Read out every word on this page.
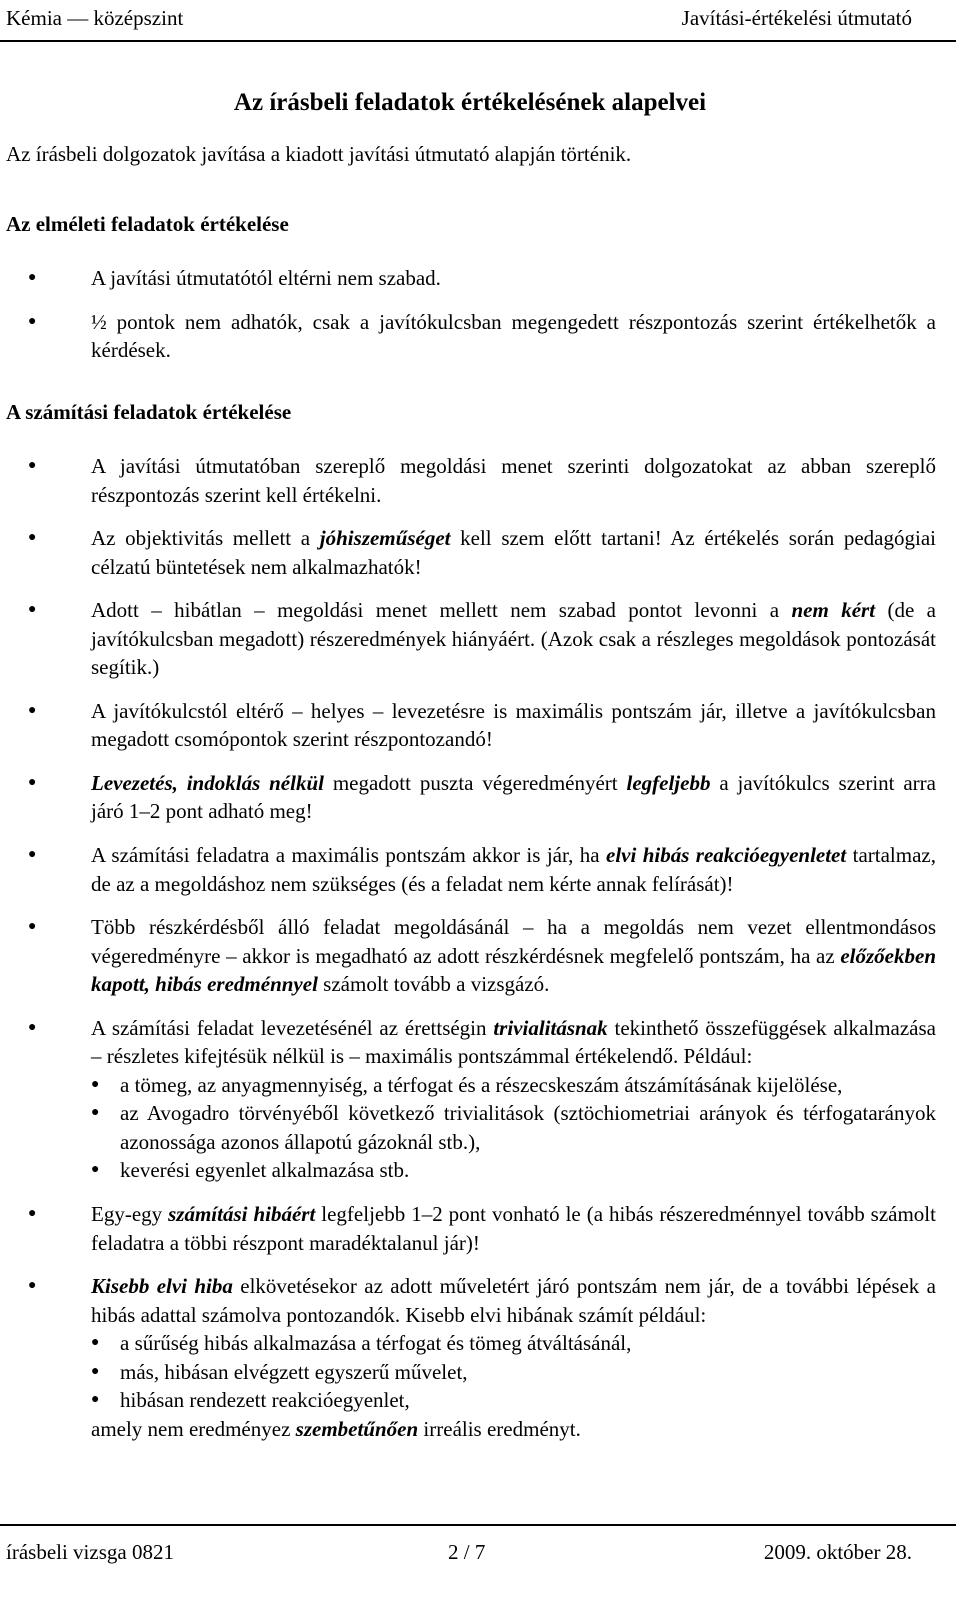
Kémia — középszint	Javítási-értékelési útmutató
Az írásbeli feladatok értékelésének alapelvei
Az írásbeli dolgozatok javítása a kiadott javítási útmutató alapján történik.
Az elméleti feladatok értékelése
● A javítási útmutatótól eltérni nem szabad.
● ½ pontok nem adhatók, csak a javítókulcsban megengedett részpontozás szerint értékelhetők a kérdések.
A számítási feladatok értékelése
● A javítási útmutatóban szereplő megoldási menet szerinti dolgozatokat az abban szereplő részpontozás szerint kell értékelni.
● Az objektivitás mellett a jóhiszeműséget kell szem előtt tartani! Az értékelés során pedagógiai célzatú büntetések nem alkalmazhatók!
● Adott – hibátlan – megoldási menet mellett nem szabad pontot levonni a nem kért (de a javítókulcsban megadott) részeredmények hiányáért. (Azok csak a részleges megoldások pontozását segítik.)
● A javítókulcstól eltérő – helyes – levezetésre is maximális pontszám jár, illetve a javítókulcsban megadott csomópontok szerint részpontozandó!
● Levezetés, indoklás nélkül megadott puszta végeredményért legfeljebb a javítókulcs szerint arra járó 1–2 pont adható meg!
● A számítási feladatra a maximális pontszám akkor is jár, ha elvi hibás reakcióegyenletet tartalmaz, de az a megoldáshoz nem szükséges (és a feladat nem kérte annak felírását)!
● Több részkérdésből álló feladat megoldásánál – ha a megoldás nem vezet ellentmondásos végeredményre – akkor is megadható az adott részkérdésnek megfelelő pontszám, ha az előzőekben kapott, hibás eredménnyel számolt tovább a vizsgázó.
● A számítási feladat levezetésénél az érettségin trivialitásnak tekinthető összefüggések alkalmazása – részletes kifejtésük nélkül is – maximális pontszámmal értékelendő. Például:
● a tömeg, az anyagmennyiség, a térfogat és a részecskeszám átszámításának kijelölése,
● az Avogadro törvényéből következő trivialitások (sztöchiometriai arányok és térfogatarányok azonossága azonos állapotú gázoknál stb.),
● keverési egyenlet alkalmazása stb.
● Egy-egy számítási hibáért legfeljebb 1–2 pont vonható le (a hibás részeredménnyel tovább számolt feladatra a többi részpont maradéktalanul jár)!
● Kisebb elvi hiba elkövetésekor az adott műveletért járó pontszám nem jár, de a további lépések a hibás adattal számolva pontozandók. Kisebb elvi hibának számít például:
● a sűrűség hibás alkalmazása a térfogat és tömeg átváltásánál,
● más, hibásan elvégzett egyszerű művelet,
● hibásan rendezett reakcióegyenlet,
amely nem eredményez szembetűnően irreális eredményt.
írásbeli vizsga 0821	2 / 7	2009. október 28.
